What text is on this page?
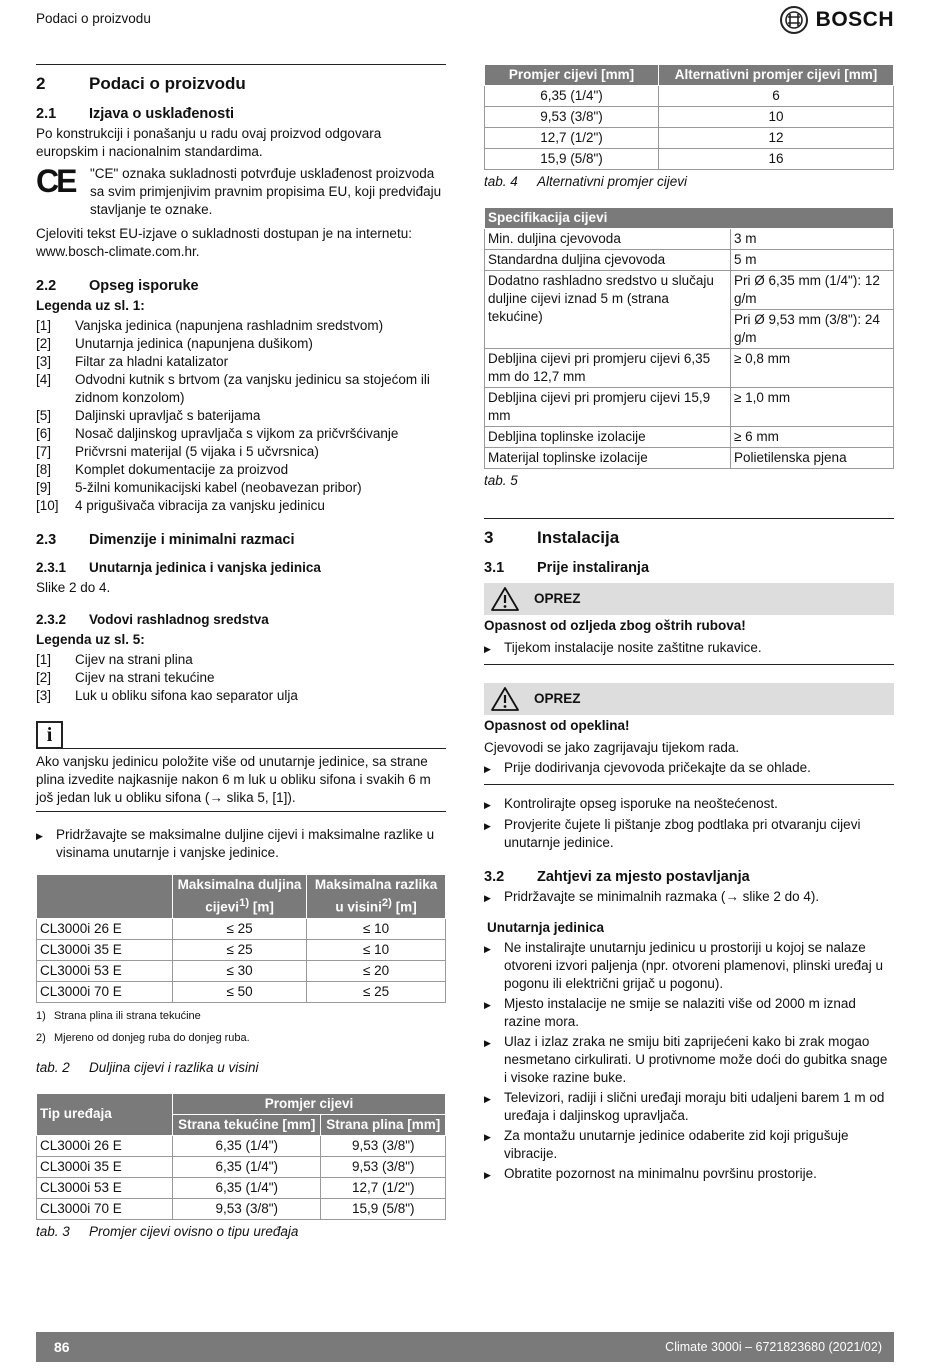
Podaci o proizvodu	BOSCH
2	Podaci o proizvodu
2.1	Izjava o usklađenosti

Po konstrukciji i ponašanju u radu ovaj proizvod odgovara europskim i nacionalnim standardima.

CE "CE" oznaka sukladnosti potvrđuje usklađenost proizvoda sa svim primjenjivim pravnim propisima EU, koji predviđaju stavljanje te oznake.

Cjeloviti tekst EU-izjave o sukladnosti dostupan je na internetu: www.bosch-climate.com.hr.

2.2	Opseg isporuke

Legenda uz sl. 1:

[1]	Vanjska jedinica (napunjena rashladnim sredstvom)
[2]	Unutarnja jedinica (napunjena dušikom)
[3]	Filtar za hladni katalizator
[4]	Odvodni kutnik s brtvom (za vanjsku jedinicu sa stojećom ili zidnom konzolom)
[5]	Daljinski upravljač s baterijama
[6]	Nosač daljinskog upravljača s vijkom za pričvršćivanje
[7]	Pričvrsni materijal (5 vijaka i 5 učvrsnica)
[8]	Komplet dokumentacije za proizvod
[9]	5-žilni komunikacijski kabel (neobavezan pribor)
[10]	4 prigušivača vibracija za vanjsku jedinicu
2.3	Dimenzije i minimalni razmaci
2.3.1	Unutarnja jedinica i vanjska jedinica

Slike 2 do 4.

2.3.2	Vodovi rashladnog sredstva

Legenda uz sl. 5:

[1]	Cijev na strani plina
[2]	Cijev na strani tekućine
[3]	Luk u obliku sifona kao separator ulja
i
Ako vanjsku jedinicu položite više od unutarnje jedinice, sa strane plina izvedite najkasnije nakon 6 m luk u obliku sifona i svakih 6 m još jedan luk u obliku sifona (→ slika 5, [1]).
▶ Pridržavajte se maksimalne duljine cijevi i maksimalne razlike u visinama unutarnje i vanjske jedinice.
	Maksimalna duljina cijevi$^{1)}$ [m]	Maksimalna razlika u visini$^{2)}$ [m]
CL3000i 26 E	≤ 25	≤ 10
CL3000i 35 E	≤ 25	≤ 10
CL3000i 53 E	≤ 30	≤ 20
CL3000i 70 E	≤ 50	≤ 25

1) Strana plina ili strana tekućine

2) Mjereno od donjeg ruba do donjeg ruba.

tab. 2	Duljina cijevi i razlika u visini

Tip uređaja	Promjer cijevi	
	Strana tekućine [mm]	Strana plina [mm]
CL3000i 26 E	6,35 (1/4")	9,53 (3/8")
CL3000i 35 E	6,35 (1/4")	9,53 (3/8")
CL3000i 53 E	6,35 (1/4")	12,7 (1/2")
CL3000i 70 E	9,53 (3/8")	15,9 (5/8")

tab. 3	Promjer cijevi ovisno o tipu uređaja

Promjer cijevi [mm]	Alternativni promjer cijevi [mm]
6,35 (1/4")	6
9,53 (3/8")	10
12,7 (1/2")	12
15,9 (5/8")	16

tab. 4	Alternativni promjer cijevi

Specifikacija cijevi	
Min. duljina cjevovoda	3 m
Standardna duljina cjevovoda	5 m
Dodatno rashladno sredstvo u slučaju duljine cijevi iznad 5 m (strana tekućine)	Pri Ø 6,35 mm (1/4"): 12 g/m
	Pri Ø 9,53 mm (3/8"): 24 g/m
Debljina cijevi pri promjeru cijevi 6,35 mm do 12,7 mm	≥ 0,8 mm
Debljina cijevi pri promjeru cijevi 15,9 mm	≥ 1,0 mm
Debljina toplinske izolacije	≥ 6 mm
Materijal toplinske izolacije	Polietilenska pjena

tab. 5

3	Instalacija
3.1	Prije instaliranja
OPREZ

Opasnost od ozljeda zbog oštrih rubova!

▶ Tijekom instalacije nosite zaštitne rukavice.
OPREZ

Opasnost od opeklina!

Cjevovodi se jako zagrijavaju tijekom rada.

▶ Prije dodirivanja cjevovoda pričekajte da se ohlade.
▶ Kontrolirajte opseg isporuke na neoštećenost.
▶ Provjerite čujete li pištanje zbog podtlaka pri otvaranju cijevi unutarnje jedinice.
3.2	Zahtjevi za mjesto postavljanja
▶ Pridržavajte se minimalnih razmaka (→ slike 2 do 4).

Unutarnja jedinica

▶ Ne instalirajte unutarnju jedinicu u prostoriji u kojoj se nalaze otvoreni izvori paljenja (npr. otvoreni plamenovi, plinski uređaj u pogonu ili električni grijač u pogonu).
▶ Mjesto instalacije ne smije se nalaziti više od 2000 m iznad razine mora.
▶ Ulaz i izlaz zraka ne smiju biti zaprijećeni kako bi zrak mogao nesmetano cirkulirati. U protivnome može doći do gubitka snage i visoke razine buke.
▶ Televizori, radiji i slični uređaji moraju biti udaljeni barem 1 m od uređaja i daljinskog upravljača.
▶ Za montažu unutarnje jedinice odaberite zid koji prigušuje vibracije.
▶ Obratite pozornost na minimalnu površinu prostorije.
86	Climate 3000i – 6721823680 (2021/02)
